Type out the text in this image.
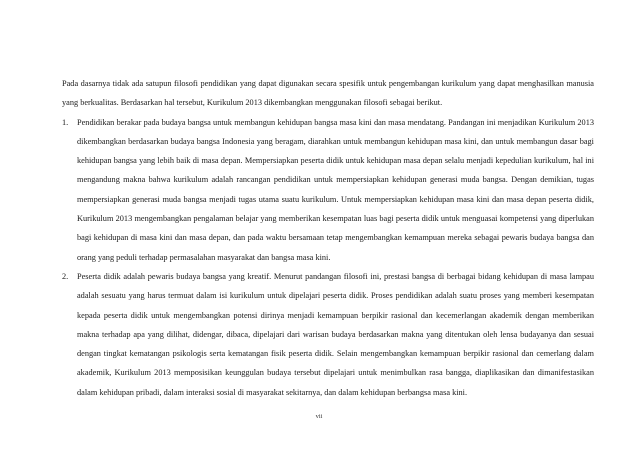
Pada dasarnya tidak ada satupun filosofi pendidikan yang dapat digunakan secara spesifik untuk pengembangan kurikulum yang dapat menghasilkan manusia yang berkualitas. Berdasarkan hal tersebut, Kurikulum 2013 dikembangkan menggunakan filosofi sebagai berikut.

1. Pendidikan berakar pada budaya bangsa untuk membangun kehidupan bangsa masa kini dan masa mendatang. Pandangan ini menjadikan Kurikulum 2013 dikembangkan berdasarkan budaya bangsa Indonesia yang beragam, diarahkan untuk membangun kehidupan masa kini, dan untuk membangun dasar bagi kehidupan bangsa yang lebih baik di masa depan. Mempersiapkan peserta didik untuk kehidupan masa depan selalu menjadi kepedulian kurikulum, hal ini mengandung makna bahwa kurikulum adalah rancangan pendidikan untuk mempersiapkan kehidupan generasi muda bangsa. Dengan demikian, tugas mempersiapkan generasi muda bangsa menjadi tugas utama suatu kurikulum. Untuk mempersiapkan kehidupan masa kini dan masa depan peserta didik, Kurikulum 2013 mengembangkan pengalaman belajar yang memberikan kesempatan luas bagi peserta didik untuk menguasai kompetensi yang diperlukan bagi kehidupan di masa kini dan masa depan, dan pada waktu bersamaan tetap mengembangkan kemampuan mereka sebagai pewaris budaya bangsa dan orang yang peduli terhadap permasalahan masyarakat dan bangsa masa kini.
2. Peserta didik adalah pewaris budaya bangsa yang kreatif. Menurut pandangan filosofi ini, prestasi bangsa di berbagai bidang kehidupan di masa lampau adalah sesuatu yang harus termuat dalam isi kurikulum untuk dipelajari peserta didik. Proses pendidikan adalah suatu proses yang memberi kesempatan kepada peserta didik untuk mengembangkan potensi dirinya menjadi kemampuan berpikir rasional dan kecemerlangan akademik dengan memberikan makna terhadap apa yang dilihat, didengar, dibaca, dipelajari dari warisan budaya berdasarkan makna yang ditentukan oleh lensa budayanya dan sesuai dengan tingkat kematangan psikologis serta kematangan fisik peserta didik. Selain mengembangkan kemampuan berpikir rasional dan cemerlang dalam akademik, Kurikulum 2013 memposisikan keunggulan budaya tersebut dipelajari untuk menimbulkan rasa bangga, diaplikasikan dan dimanifestasikan dalam kehidupan pribadi, dalam interaksi sosial di masyarakat sekitarnya, dan dalam kehidupan berbangsa masa kini.
vii
